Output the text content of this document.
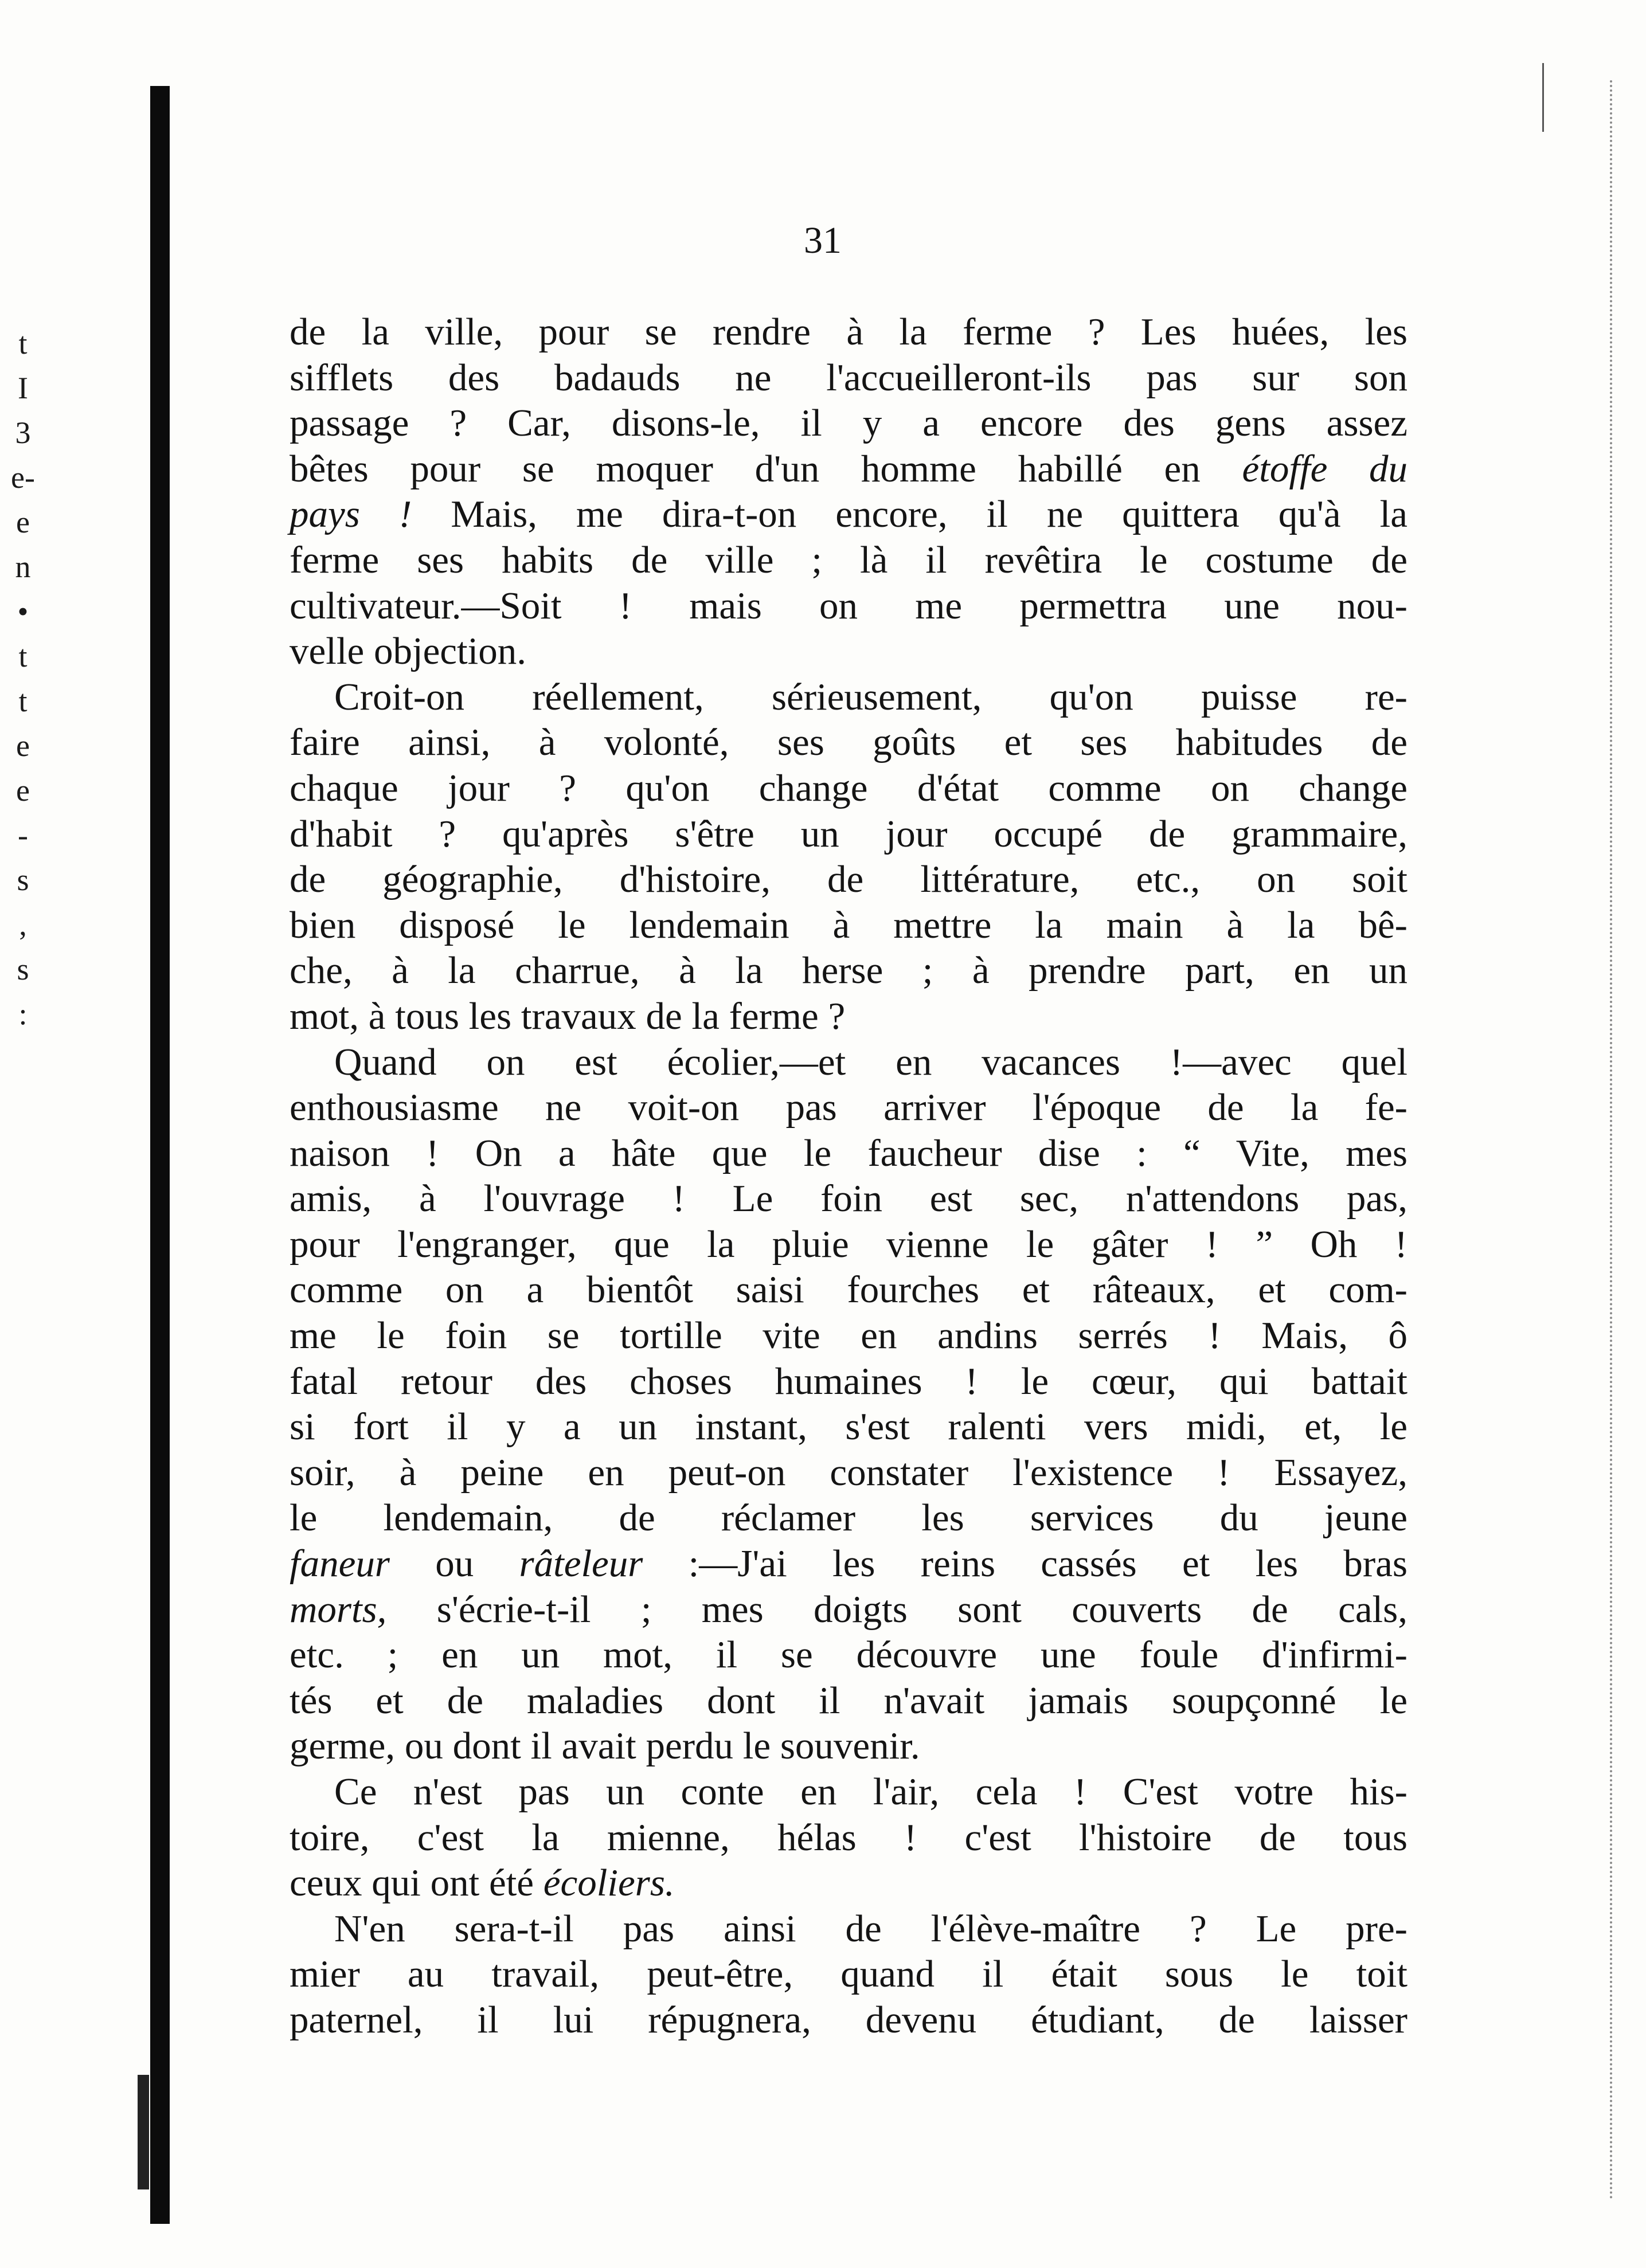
t
I
3
e-
e
n
•
t
t
e
e
-
s
,
s
:
31
de la ville, pour se rendre à la ferme ? Les huées, les
sifflets des badauds ne l'accueilleront-ils pas sur son
passage ? Car, disons-le, il y a encore des gens assez
bêtes pour se moquer d'un homme habillé en étoffe du
pays ! Mais, me dira-t-on encore, il ne quittera qu'à la
ferme ses habits de ville ; là il revêtira le costume de
cultivateur.—Soit ! mais on me permettra une nou-
velle objection.
Croit-on réellement, sérieusement, qu'on puisse re-
faire ainsi, à volonté, ses goûts et ses habitudes de
chaque jour ? qu'on change d'état comme on change
d'habit ? qu'après s'être un jour occupé de grammaire,
de géographie, d'histoire, de littérature, etc., on soit
bien disposé le lendemain à mettre la main à la bê-
che, à la charrue, à la herse ; à prendre part, en un
mot, à tous les travaux de la ferme ?
Quand on est écolier,—et en vacances !—avec quel
enthousiasme ne voit-on pas arriver l'époque de la fe-
naison ! On a hâte que le faucheur dise : “ Vite, mes
amis, à l'ouvrage ! Le foin est sec, n'attendons pas,
pour l'engranger, que la pluie vienne le gâter ! ” Oh !
comme on a bientôt saisi fourches et râteaux, et com-
me le foin se tortille vite en andins serrés ! Mais, ô
fatal retour des choses humaines ! le cœur, qui battait
si fort il y a un instant, s'est ralenti vers midi, et, le
soir, à peine en peut-on constater l'existence ! Essayez,
le lendemain, de réclamer les services du jeune
faneur ou râteleur :—J'ai les reins cassés et les bras
morts, s'écrie-t-il ; mes doigts sont couverts de cals,
etc. ; en un mot, il se découvre une foule d'infirmi-
tés et de maladies dont il n'avait jamais soupçonné le
germe, ou dont il avait perdu le souvenir.
Ce n'est pas un conte en l'air, cela ! C'est votre his-
toire, c'est la mienne, hélas ! c'est l'histoire de tous
ceux qui ont été écoliers.
N'en sera-t-il pas ainsi de l'élève-maître ? Le pre-
mier au travail, peut-être, quand il était sous le toit
paternel, il lui répugnera, devenu étudiant, de laisser
